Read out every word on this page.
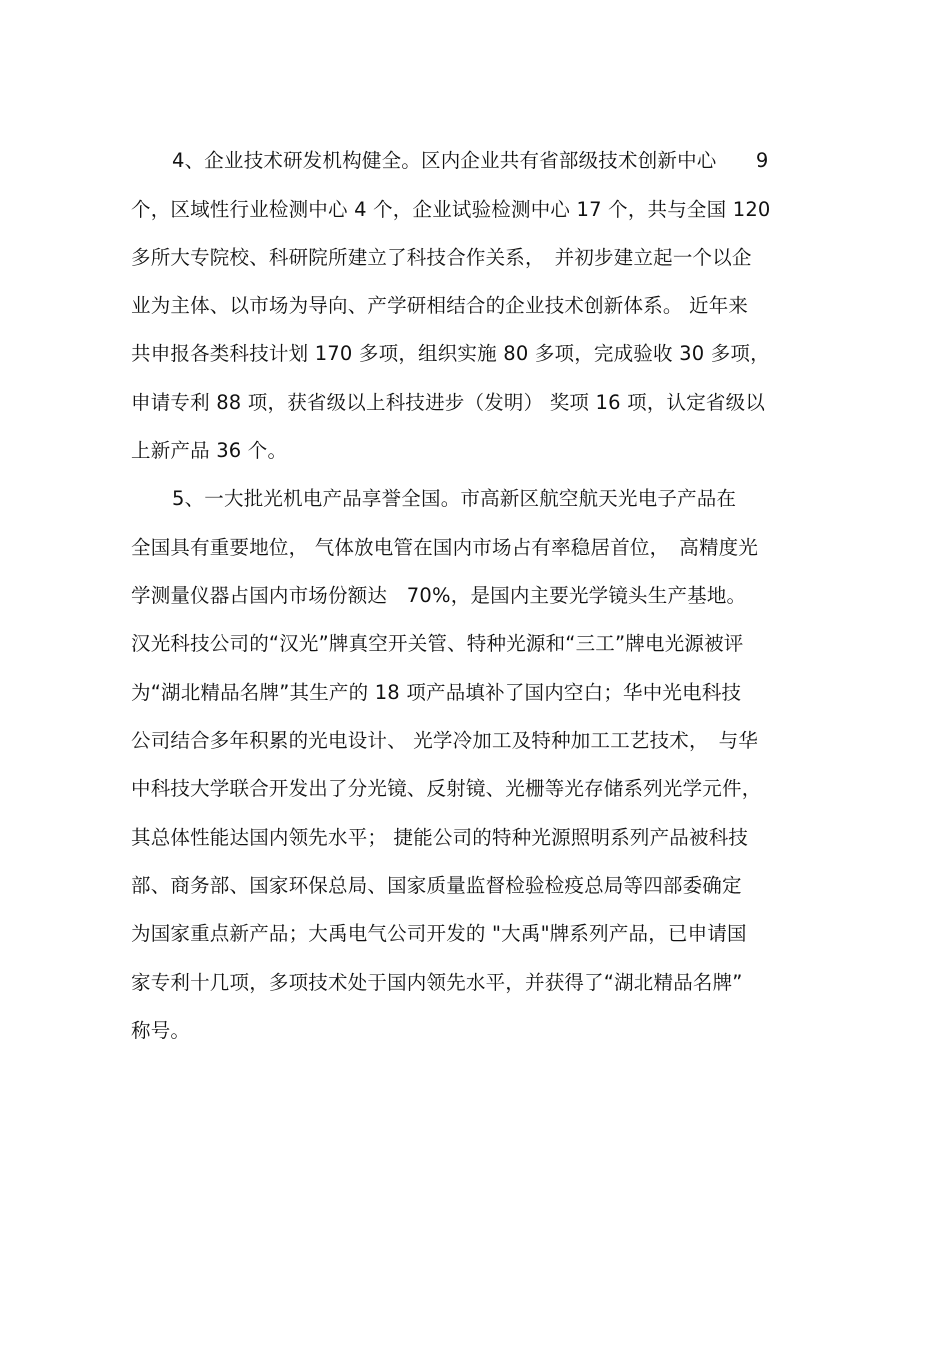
4、企业技术研发机构健全。区内企业共有省部级技术创新中心　　9
个，区域性行业检测中心 4 个，企业试验检测中心 17 个，共与全国 120
多所大专院校、科研院所建立了科技合作关系，　并初步建立起一个以企
业为主体、以市场为导向、产学研相结合的企业技术创新体系。 近年来
共申报各类科技计划 170 多项，组织实施 80 多项，完成验收 30 多项，
申请专利 88 项，获省级以上科技进步（发明） 奖项 16 项，认定省级以
上新产品 36 个。
5、一大批光机电产品享誉全国。市高新区航空航天光电子产品在
全国具有重要地位， 气体放电管在国内市场占有率稳居首位，　高精度光
学测量仪器占国内市场份额达　70%，是国内主要光学镜头生产基地。
汉光科技公司的“汉光”牌真空开关管、特种光源和“三工”牌电光源被评
为“湖北精品名牌”其生产的 18 项产品填补了国内空白；华中光电科技
公司结合多年积累的光电设计、 光学冷加工及特种加工工艺技术，　与华
中科技大学联合开发出了分光镜、反射镜、光栅等光存储系列光学元件，
其总体性能达国内领先水平； 捷能公司的特种光源照明系列产品被科技
部、商务部、国家环保总局、国家质量监督检验检疫总局等四部委确定
为国家重点新产品；大禹电气公司开发的 "大禹"牌系列产品，已申请国
家专利十几项，多项技术处于国内领先水平，并获得了“湖北精品名牌”
称号。
